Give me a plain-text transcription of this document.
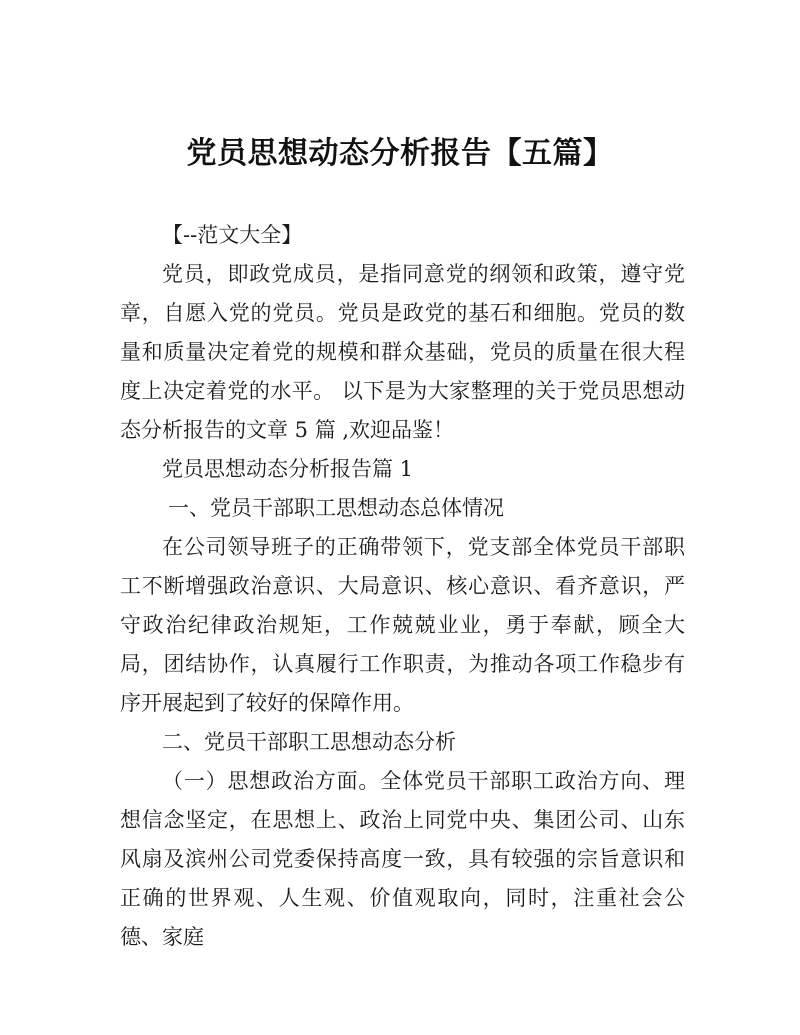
党员思想动态分析报告【五篇】

【--范文大全】

党员，即政党成员，是指同意党的纲领和政策，遵守党章，自愿入党的党员。党员是政党的基石和细胞。党员的数量和质量决定着党的规模和群众基础，党员的质量在很大程度上决定着党的水平。 以下是为大家整理的关于党员思想动态分析报告的文章 5 篇 ,欢迎品鉴！

党员思想动态分析报告篇 1

一、党员干部职工思想动态总体情况

在公司领导班子的正确带领下，党支部全体党员干部职工不断增强政治意识、大局意识、核心意识、看齐意识，严守政治纪律政治规矩，工作兢兢业业，勇于奉献，顾全大局，团结协作，认真履行工作职责，为推动各项工作稳步有序开展起到了较好的保障作用。

二、党员干部职工思想动态分析

（一）思想政治方面。全体党员干部职工政治方向、理想信念坚定，在思想上、政治上同党中央、集团公司、山东风扇及滨州公司党委保持高度一致，具有较强的宗旨意识和正确的世界观、人生观、价值观取向，同时，注重社会公德、家庭
